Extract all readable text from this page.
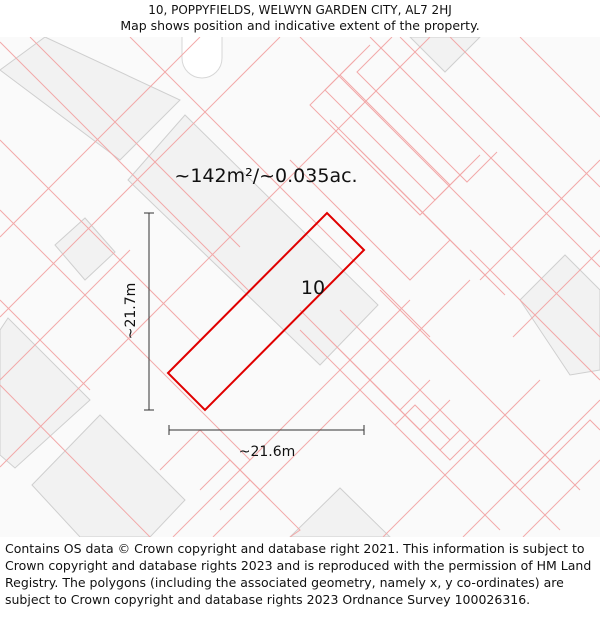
10, POPPYFIELDS, WELWYN GARDEN CITY, AL7 2HJ
Map shows position and indicative extent of the property.
~142m²/~0.035ac.
10
~21.7m
~21.6m
Contains OS data © Crown copyright and database right 2021. This information is subject to Crown copyright and database rights 2023 and is reproduced with the permission of HM Land Registry. The polygons (including the associated geometry, namely x, y co-ordinates) are subject to Crown copyright and database rights 2023 Ordnance Survey 100026316.
